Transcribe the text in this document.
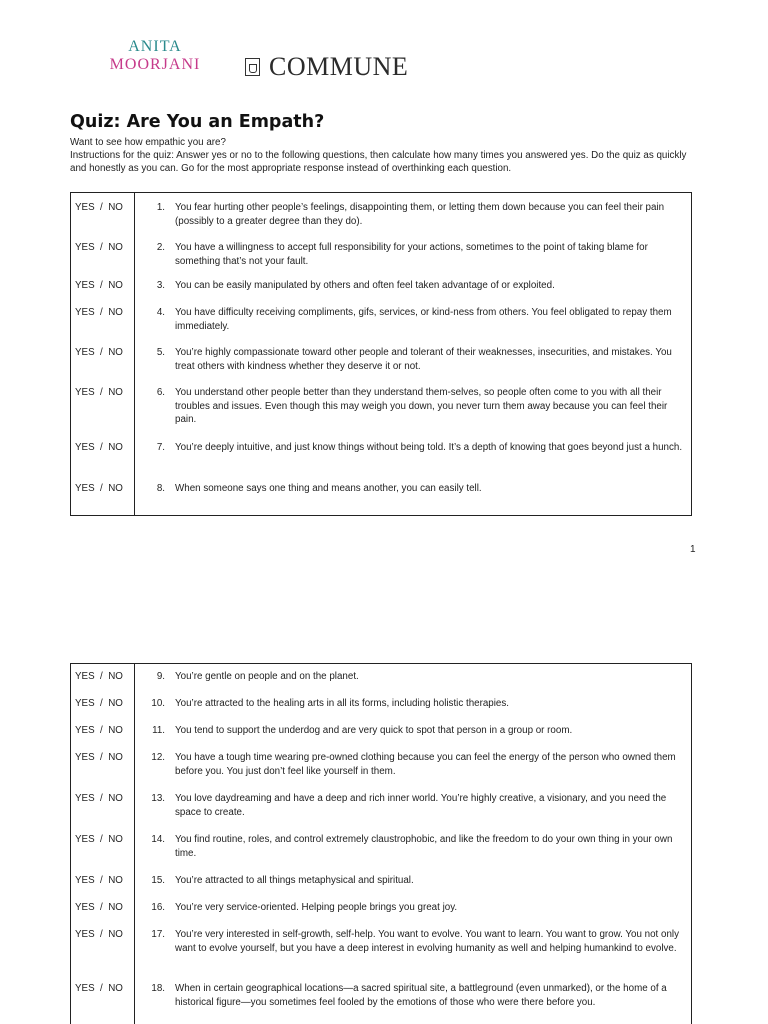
ANITA
MOORJANI	COMMUNE
Quiz: Are You an Empath?
Want to see how empathic you are?
Instructions for the quiz: Answer yes or no to the following questions, then calculate how many times you answered yes. Do the quiz as quickly and honestly as you can. Go for the most appropriate response instead of overthinking each question.
YES  /  NO	1. You fear hurting other people’s feelings, disappointing them, or letting them down because you can feel their pain (possibly to a greater degree than they do).
YES  /  NO	2. You have a willingness to accept full responsibility for your actions, sometimes to the point of taking blame for something that’s not your fault.
YES  /  NO	3. You can be easily manipulated by others and often feel taken advantage of or exploited.
YES  /  NO	4. You have difficulty receiving compliments, gifs, services, or kind-ness from others. You feel obligated to repay them immediately.
YES  /  NO	5. You’re highly compassionate toward other people and tolerant of their weaknesses, insecurities, and mistakes. You treat others with kindness whether they deserve it or not.
YES  /  NO	6. You understand other people better than they understand them-selves, so people often come to you with all their troubles and issues. Even though this may weigh you down, you never turn them away because you can feel their pain.
YES  /  NO	7. You’re deeply intuitive, and just know things without being told. It’s a depth of knowing that goes beyond just a hunch.
YES  /  NO	8. When someone says one thing and means another, you can easily tell.
1
YES  /  NO	9. You’re gentle on people and on the planet.
YES  /  NO	10. You’re attracted to the healing arts in all its forms, including holistic therapies.
YES  /  NO	11. You tend to support the underdog and are very quick to spot that person in a group or room.
YES  /  NO	12. You have a tough time wearing pre-owned clothing because you can feel the energy of the person who owned them before you. You just don’t feel like yourself in them.
YES  /  NO	13. You love daydreaming and have a deep and rich inner world. You’re highly creative, a visionary, and you need the space to create.
YES  /  NO	14. You find routine, roles, and control extremely claustrophobic, and like the freedom to do your own thing in your own time.
YES  /  NO	15. You’re attracted to all things metaphysical and spiritual.
YES  /  NO	16. You’re very service-oriented. Helping people brings you great joy.
YES  /  NO	17. You’re very interested in self-growth, self-help. You want to evolve. You want to learn. You want to grow. You not only want to evolve yourself, but you have a deep interest in evolving humanity as well and helping humankind to evolve.
YES  /  NO	18. When in certain geographical locations—a sacred spiritual site, a battleground (even unmarked), or the home of a historical figure—you sometimes feel fooled by the emotions of those who were there before you.
